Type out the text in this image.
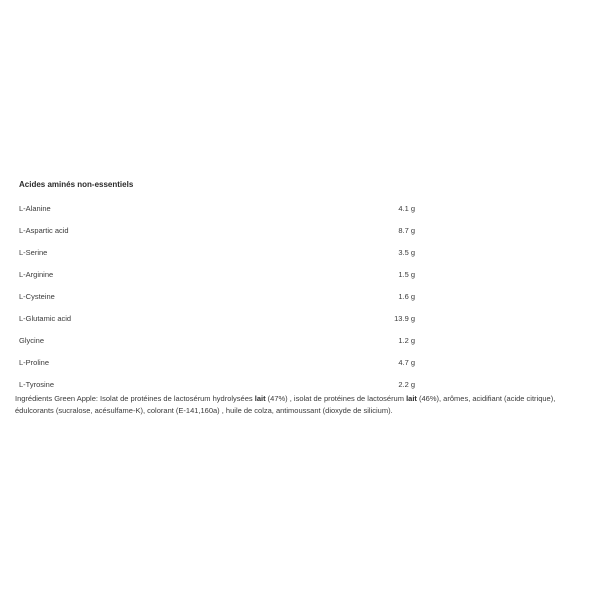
Acides aminés non-essentiels
L-Alanine	4.1 g
L-Aspartic acid	8.7 g
L-Serine	3.5 g
L-Arginine	1.5 g
L-Cysteine	1.6 g
L-Glutamic acid	13.9 g
Glycine	1.2 g
L-Proline	4.7 g
L-Tyrosine	2.2 g
Ingrédients Green Apple: Isolat de protéines de lactosérum hydrolysées lait (47%) , isolat de protéines de lactosérum lait (46%), arômes, acidifiant (acide citrique), édulcorants (sucralose, acésulfame-K), colorant (E-141,160a) , huile de colza, antimoussant (dioxyde de silicium).
